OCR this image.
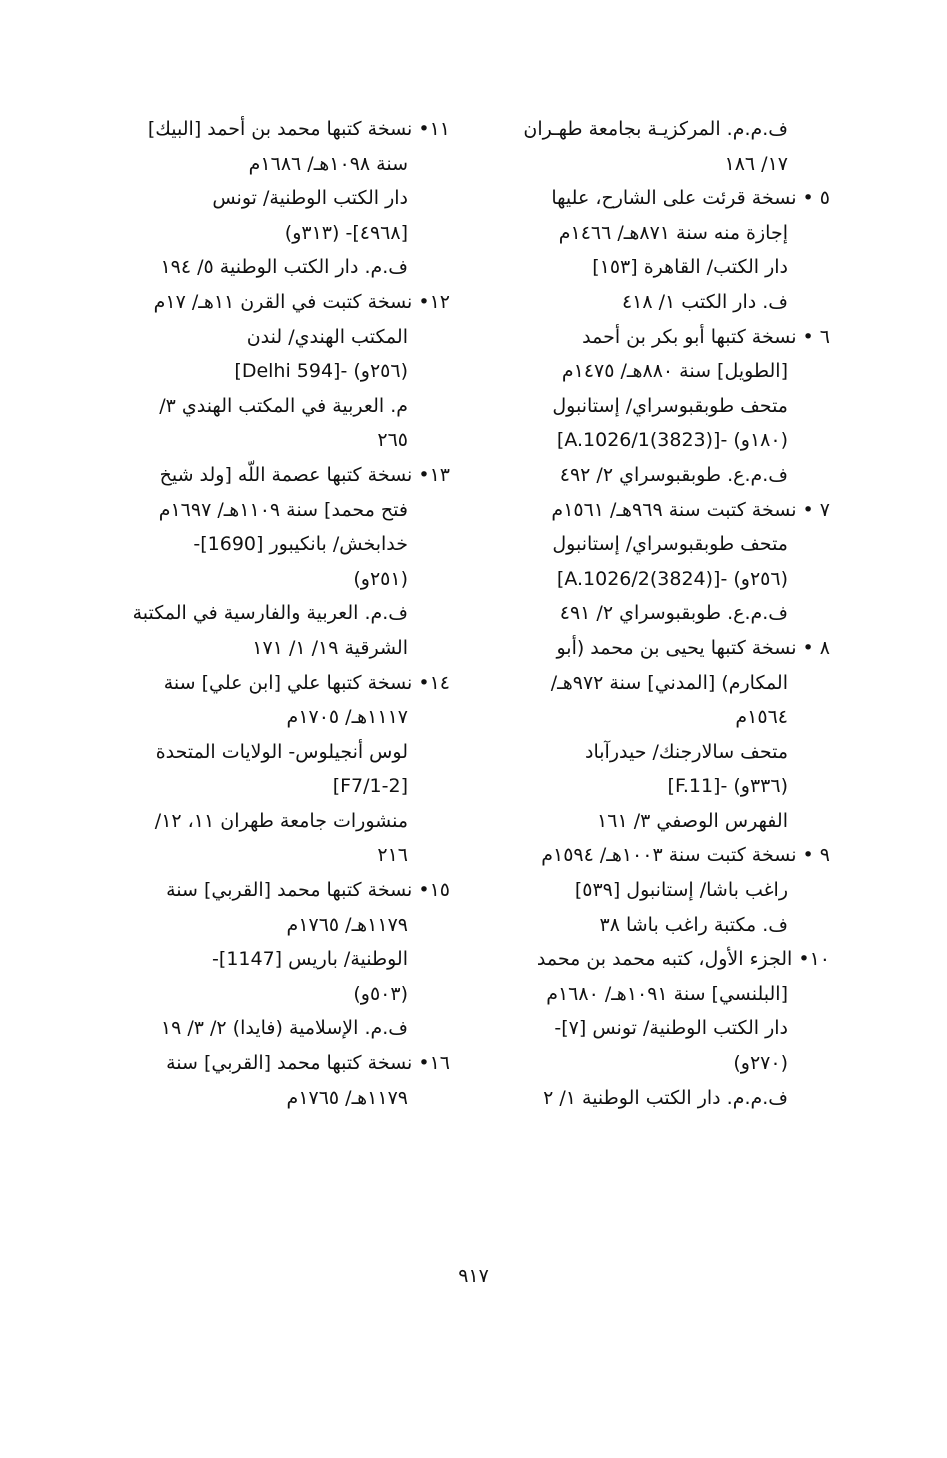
ف.م.م. المركزيـة بجامعة طهـران
١٧/ ١٨٦
٥ • نسخة قرئت على الشارح، عليها
إجازة منه سنة ٨٧١هـ/ ١٤٦٦م
دار الكتب/ القاهرة [١٥٣]
ف. دار الكتب ١/ ٤١٨
٦ • نسخة كتبها أبو بكر بن أحمد
[الطويل] سنة ٨٨٠هـ/ ١٤٧٥م
متحف طوبقبوسراي/ إستانبول
[A.1026/1(3823)]- (١٨٠و)
ف.م.ع. طوبقبوسراي ٢/ ٤٩٢
٧ • نسخة كتبت سنة ٩٦٩هـ/ ١٥٦١م
متحف طوبقبوسراي/ إستانبول
[A.1026/2(3824)]- (٢٥٦و)
ف.م.ع. طوبقبوسراي ٢/ ٤٩١
٨ • نسخة كتبها يحيى بن محمد (أبو
المكارم) [المدني] سنة ٩٧٢هـ/
١٥٦٤م
متحف سالارجنك/ حيدرآباد
[F.11]- (٣٣٦و)
الفهرس الوصفي ٣/ ١٦١
٩ • نسخة كتبت سنة ١٠٠٣هـ/ ١٥٩٤م
راغب باشا/ إستانبول [٥٣٩]
ف. مكتبة راغب باشا ٣٨
١٠• الجزء الأول، كتبه محمد بن محمد
[البلنسي] سنة ١٠٩١هـ/ ١٦٨٠م
دار الكتب الوطنية/ تونس [٧]-
(٢٧٠و)
ف.م.م. دار الكتب الوطنية ١/ ٢
١١• نسخة كتبها محمد بن أحمد [البيك]
سنة ١٠٩٨هـ/ ١٦٨٦م
دار الكتب الوطنية/ تونس
[٤٩٦٨]- (٣١٣و)
ف.م. دار الكتب الوطنية ٥/ ١٩٤
١٢• نسخة كتبت في القرن ١١هـ/ ١٧م
المكتب الهندي/ لندن
[Delhi 594]- (٢٥٦و)
م. العربية في المكتب الهندي ٣/
٢٦٥
١٣• نسخة كتبها عصمة اللّه [ولد شيخ
فتح محمد] سنة ١١٠٩هـ/ ١٦٩٧م
خدابخش/ بانكيبور [1690]-
(٢٥١و)
ف.م. العربية والفارسية في المكتبة
الشرقية ١٩/ ١/ ١٧١
١٤• نسخة كتبها علي [ابن علي] سنة
١١١٧هـ/ ١٧٠٥م
لوس أنجيلوس- الولايات المتحدة
[F7/1-2]
منشورات جامعة طهران ١١، ١٢/
٢١٦
١٥• نسخة كتبها محمد [القربي] سنة
١١٧٩هـ/ ١٧٦٥م
الوطنية/ باريس [1147]-
(٥٠٣و)
ف.م. الإسلامية (فايدا) ٢/ ٣/ ١٩
١٦• نسخة كتبها محمد [القربي] سنة
١١٧٩هـ/ ١٧٦٥م
٩١٧
